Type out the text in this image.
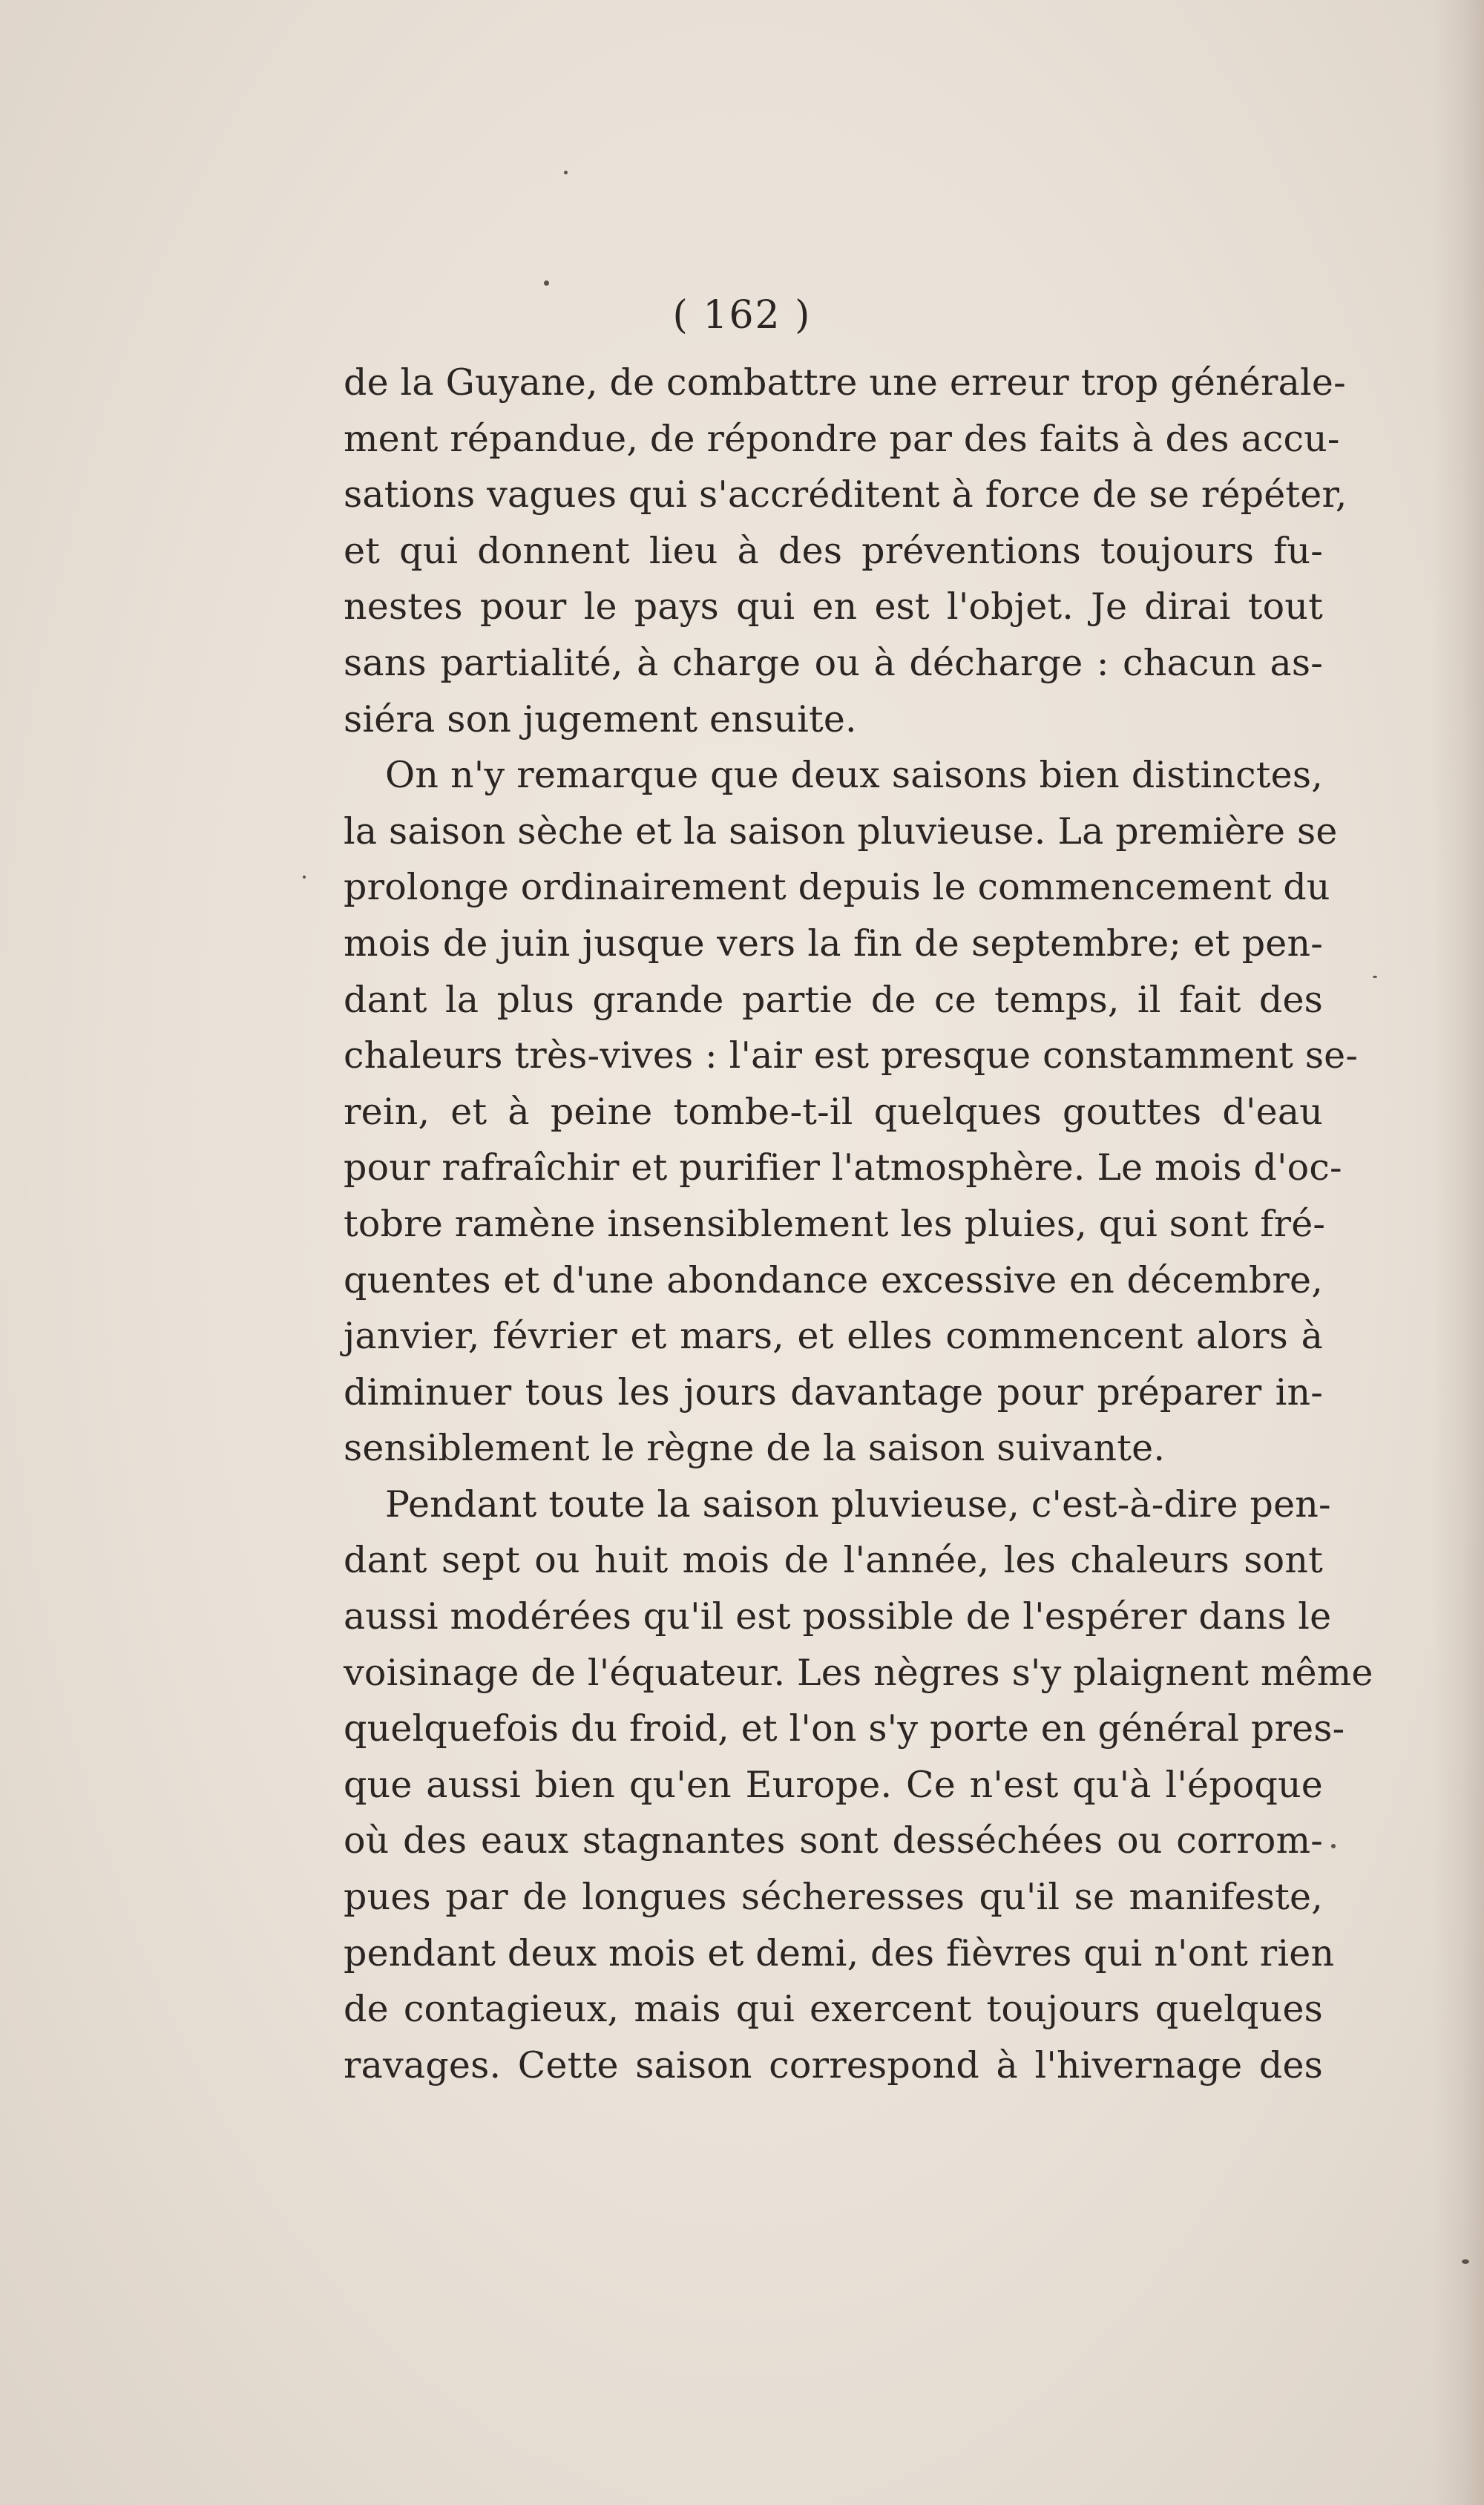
( 162 )
de la Guyane, de combattre une erreur trop générale-
ment répandue, de répondre par des faits à des accu-
sations vagues qui s'accréditent à force de se répéter,
et qui donnent lieu à des préventions toujours fu-
nestes pour le pays qui en est l'objet. Je dirai tout
sans partialité, à charge ou à décharge : chacun as-
siéra son jugement ensuite.
On n'y remarque que deux saisons bien distinctes,
la saison sèche et la saison pluvieuse. La première se
prolonge ordinairement depuis le commencement du
mois de juin jusque vers la fin de septembre; et pen-
dant la plus grande partie de ce temps, il fait des
chaleurs très-vives : l'air est presque constamment se-
rein, et à peine tombe-t-il quelques gouttes d'eau
pour rafraîchir et purifier l'atmosphère. Le mois d'oc-
tobre ramène insensiblement les pluies, qui sont fré-
quentes et d'une abondance excessive en décembre,
janvier, février et mars, et elles commencent alors à
diminuer tous les jours davantage pour préparer in-
sensiblement le règne de la saison suivante.
Pendant toute la saison pluvieuse, c'est-à-dire pen-
dant sept ou huit mois de l'année, les chaleurs sont
aussi modérées qu'il est possible de l'espérer dans le
voisinage de l'équateur. Les nègres s'y plaignent même
quelquefois du froid, et l'on s'y porte en général pres-
que aussi bien qu'en Europe. Ce n'est qu'à l'époque
où des eaux stagnantes sont desséchées ou corrom-
pues par de longues sécheresses qu'il se manifeste,
pendant deux mois et demi, des fièvres qui n'ont rien
de contagieux, mais qui exercent toujours quelques
ravages. Cette saison correspond à l'hivernage des
